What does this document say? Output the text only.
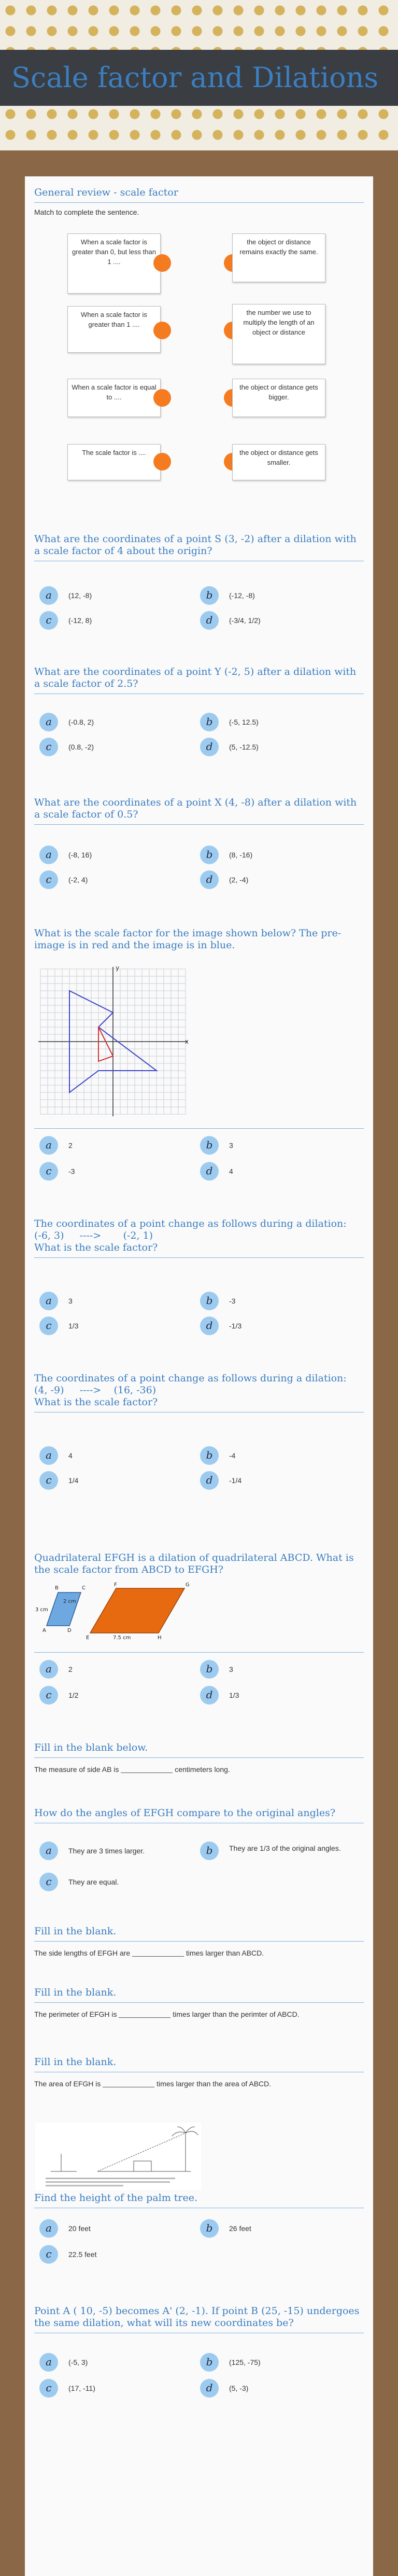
Scale factor and Dilations
General review - scale factor
Match to complete the sentence.
When a scale factor is greater than 0, but less than 1 ....
When a scale factor is greater than 1 ....
When a scale factor is equal to ....
The scale factor is ....
the object or distance remains exactly the same.
the number we use to multiply the length of an object or distance
the object or distance gets bigger.
the object or distance gets smaller.
What are the coordinates of a point S (3, -2) after a dilation with a scale factor of 4 about the origin?
a	(12, -8)	b	(-12, -8)
c	(-12, 8)	d	(-3/4, 1/2)
What are the coordinates of a point Y (-2, 5) after a dilation with a scale factor of 2.5?
a	(-0.8, 2)	b	(-5, 12.5)
c	(0.8, -2)	d	(5, -12.5)
What are the coordinates of a point X (4, -8) after a dilation with a scale factor of 0.5?
a	(-8, 16)	b	(8, -16)
c	(-2, 4)	d	(2, -4)
What is the scale factor for the image shown below? The pre-image is in red and the image is in blue.
x
y
a	2	b	3
c	-3	d	4
The coordinates of a point change as follows during a dilation:
(-6, 3)     ---->       (-2, 1)
What is the scale factor?
a	3	b	-3
c	1/3	d	-1/3
The coordinates of a point change as follows during a dilation:
(4, -9)     ---->    (16, -36)
What is the scale factor?
a	4	b	-4
c	1/4	d	-1/4
Quadrilateral EFGH is a dilation of quadrilateral ABCD. What is the scale factor from ABCD to EFGH?
A
B	C
D
E
F	G
H
3 cm
2 cm
7.5 cm
a	2	b	3
c	1/2	d	1/3
Fill in the blank below.
The measure of side AB is	centimeters long.
How do the angles of EFGH compare to the original angles?
a	They are 3 times larger.	b	They are 1/3 of the original angles.
c	They are equal.
Fill in the blank.
The side lengths of EFGH are	times larger than ABCD.
Fill in the blank.
The perimeter of EFGH is	times larger than the perimter of ABCD.
Fill in the blank.
The area of EFGH is	times larger than the area of ABCD.
Find the height of the palm tree.
a	20 feet	b	26 feet
c	22.5 feet
Point A ( 10, -5) becomes A' (2, -1). If point B (25, -15) undergoes the same dilation, what will its new coordinates be?
a	(-5, 3)	b	(125, -75)
c	(17, -11)	d	(5, -3)
